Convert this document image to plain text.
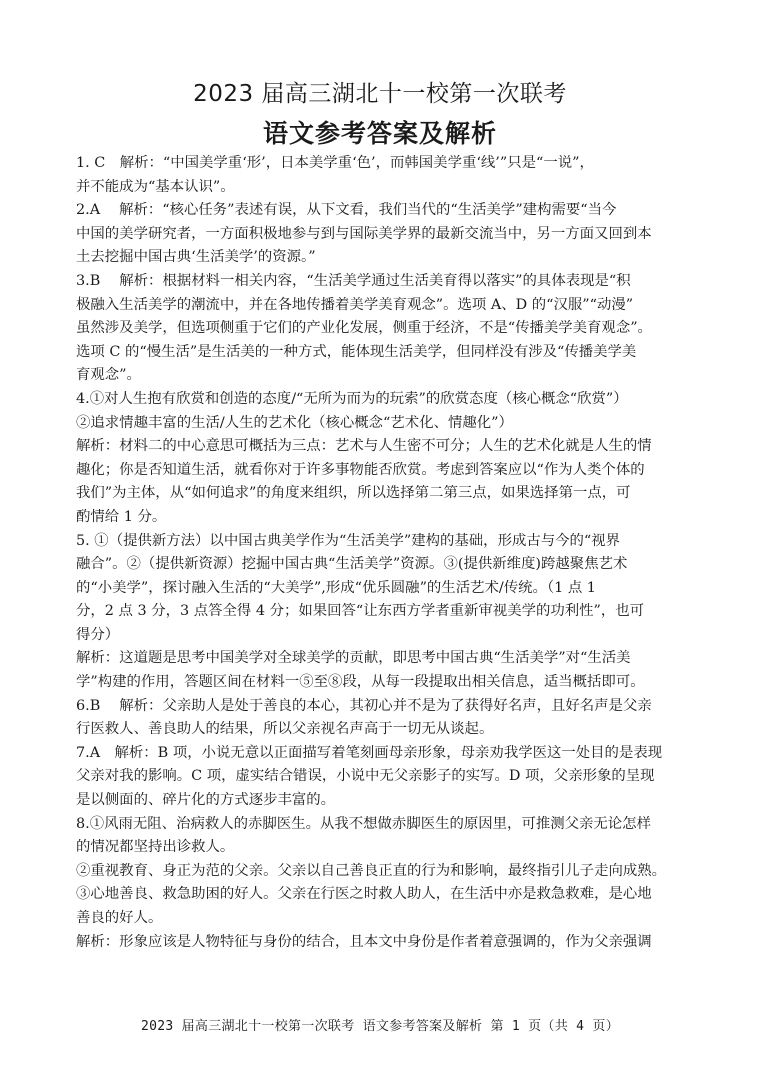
2023 届高三湖北十一校第一次联考
语文参考答案及解析
1. C　解析：“中国美学重‘形’，日本美学重‘色’，而韩国美学重‘线’”只是“一说”，
并不能成为“基本认识”。
2.A　 解析：“核心任务”表述有误，从下文看，我们当代的“生活美学”建构需要“当今
中国的美学研究者，一方面积极地参与到与国际美学界的最新交流当中，另一方面又回到本
土去挖掘中国古典‘生活美学’的资源。”
3.B　 解析：根据材料一相关内容，“生活美学通过生活美育得以落实”的具体表现是“积
极融入生活美学的潮流中，并在各地传播着美学美育观念”。选项 A、D 的“汉服”“动漫”
虽然涉及美学，但选项侧重于它们的产业化发展，侧重于经济，不是“传播美学美育观念”。
选项 C 的“慢生活”是生活美的一种方式，能体现生活美学，但同样没有涉及“传播美学美
育观念”。
4.①对人生抱有欣赏和创造的态度/“无所为而为的玩索”的欣赏态度（核心概念“欣赏”）
②追求情趣丰富的生活/人生的艺术化（核心概念“艺术化、情趣化”）
解析：材料二的中心意思可概括为三点：艺术与人生密不可分；人生的艺术化就是人生的情
趣化；你是否知道生活，就看你对于许多事物能否欣赏。考虑到答案应以“作为人类个体的
我们”为主体，从“如何追求”的角度来组织，所以选择第二第三点，如果选择第一点，可
酌情给 1 分。
5. ①（提供新方法）以中国古典美学作为“生活美学”建构的基础，形成古与今的“视界
融合”。②（提供新资源）挖掘中国古典“生活美学”资源。③(提供新维度)跨越聚焦艺术
的“小美学”，探讨融入生活的“大美学”,形成“优乐圆融”的生活艺术/传统。（1 点 1
分，2 点 3 分，3 点答全得 4 分；如果回答“让东西方学者重新审视美学的功利性”，也可
得分）
解析：这道题是思考中国美学对全球美学的贡献，即思考中国古典“生活美学”对“生活美
学”构建的作用，答题区间在材料一⑤至⑧段，从每一段提取出相关信息，适当概括即可。
6.B　 解析：父亲助人是处于善良的本心，其初心并不是为了获得好名声，且好名声是父亲
行医救人、善良助人的结果，所以父亲视名声高于一切无从谈起。
7.A　解析：B 项，小说无意以正面描写着笔刻画母亲形象，母亲劝我学医这一处目的是表现
父亲对我的影响。C 项，虚实结合错误，小说中无父亲影子的实写。D 项，父亲形象的呈现
是以侧面的、碎片化的方式逐步丰富的。
8.①风雨无阻、治病救人的赤脚医生。从我不想做赤脚医生的原因里，可推测父亲无论怎样
的情况都坚持出诊救人。
②重视教育、身正为范的父亲。父亲以自己善良正直的行为和影响，最终指引儿子走向成熟。
③心地善良、救急助困的好人。父亲在行医之时救人助人，在生活中亦是救急救难，是心地
善良的好人。
解析：形象应该是人物特征与身份的结合，且本文中身份是作者着意强调的，作为父亲强调
2023 届高三湖北十一校第一次联考 语文参考答案及解析 第 1 页（共 4 页）
